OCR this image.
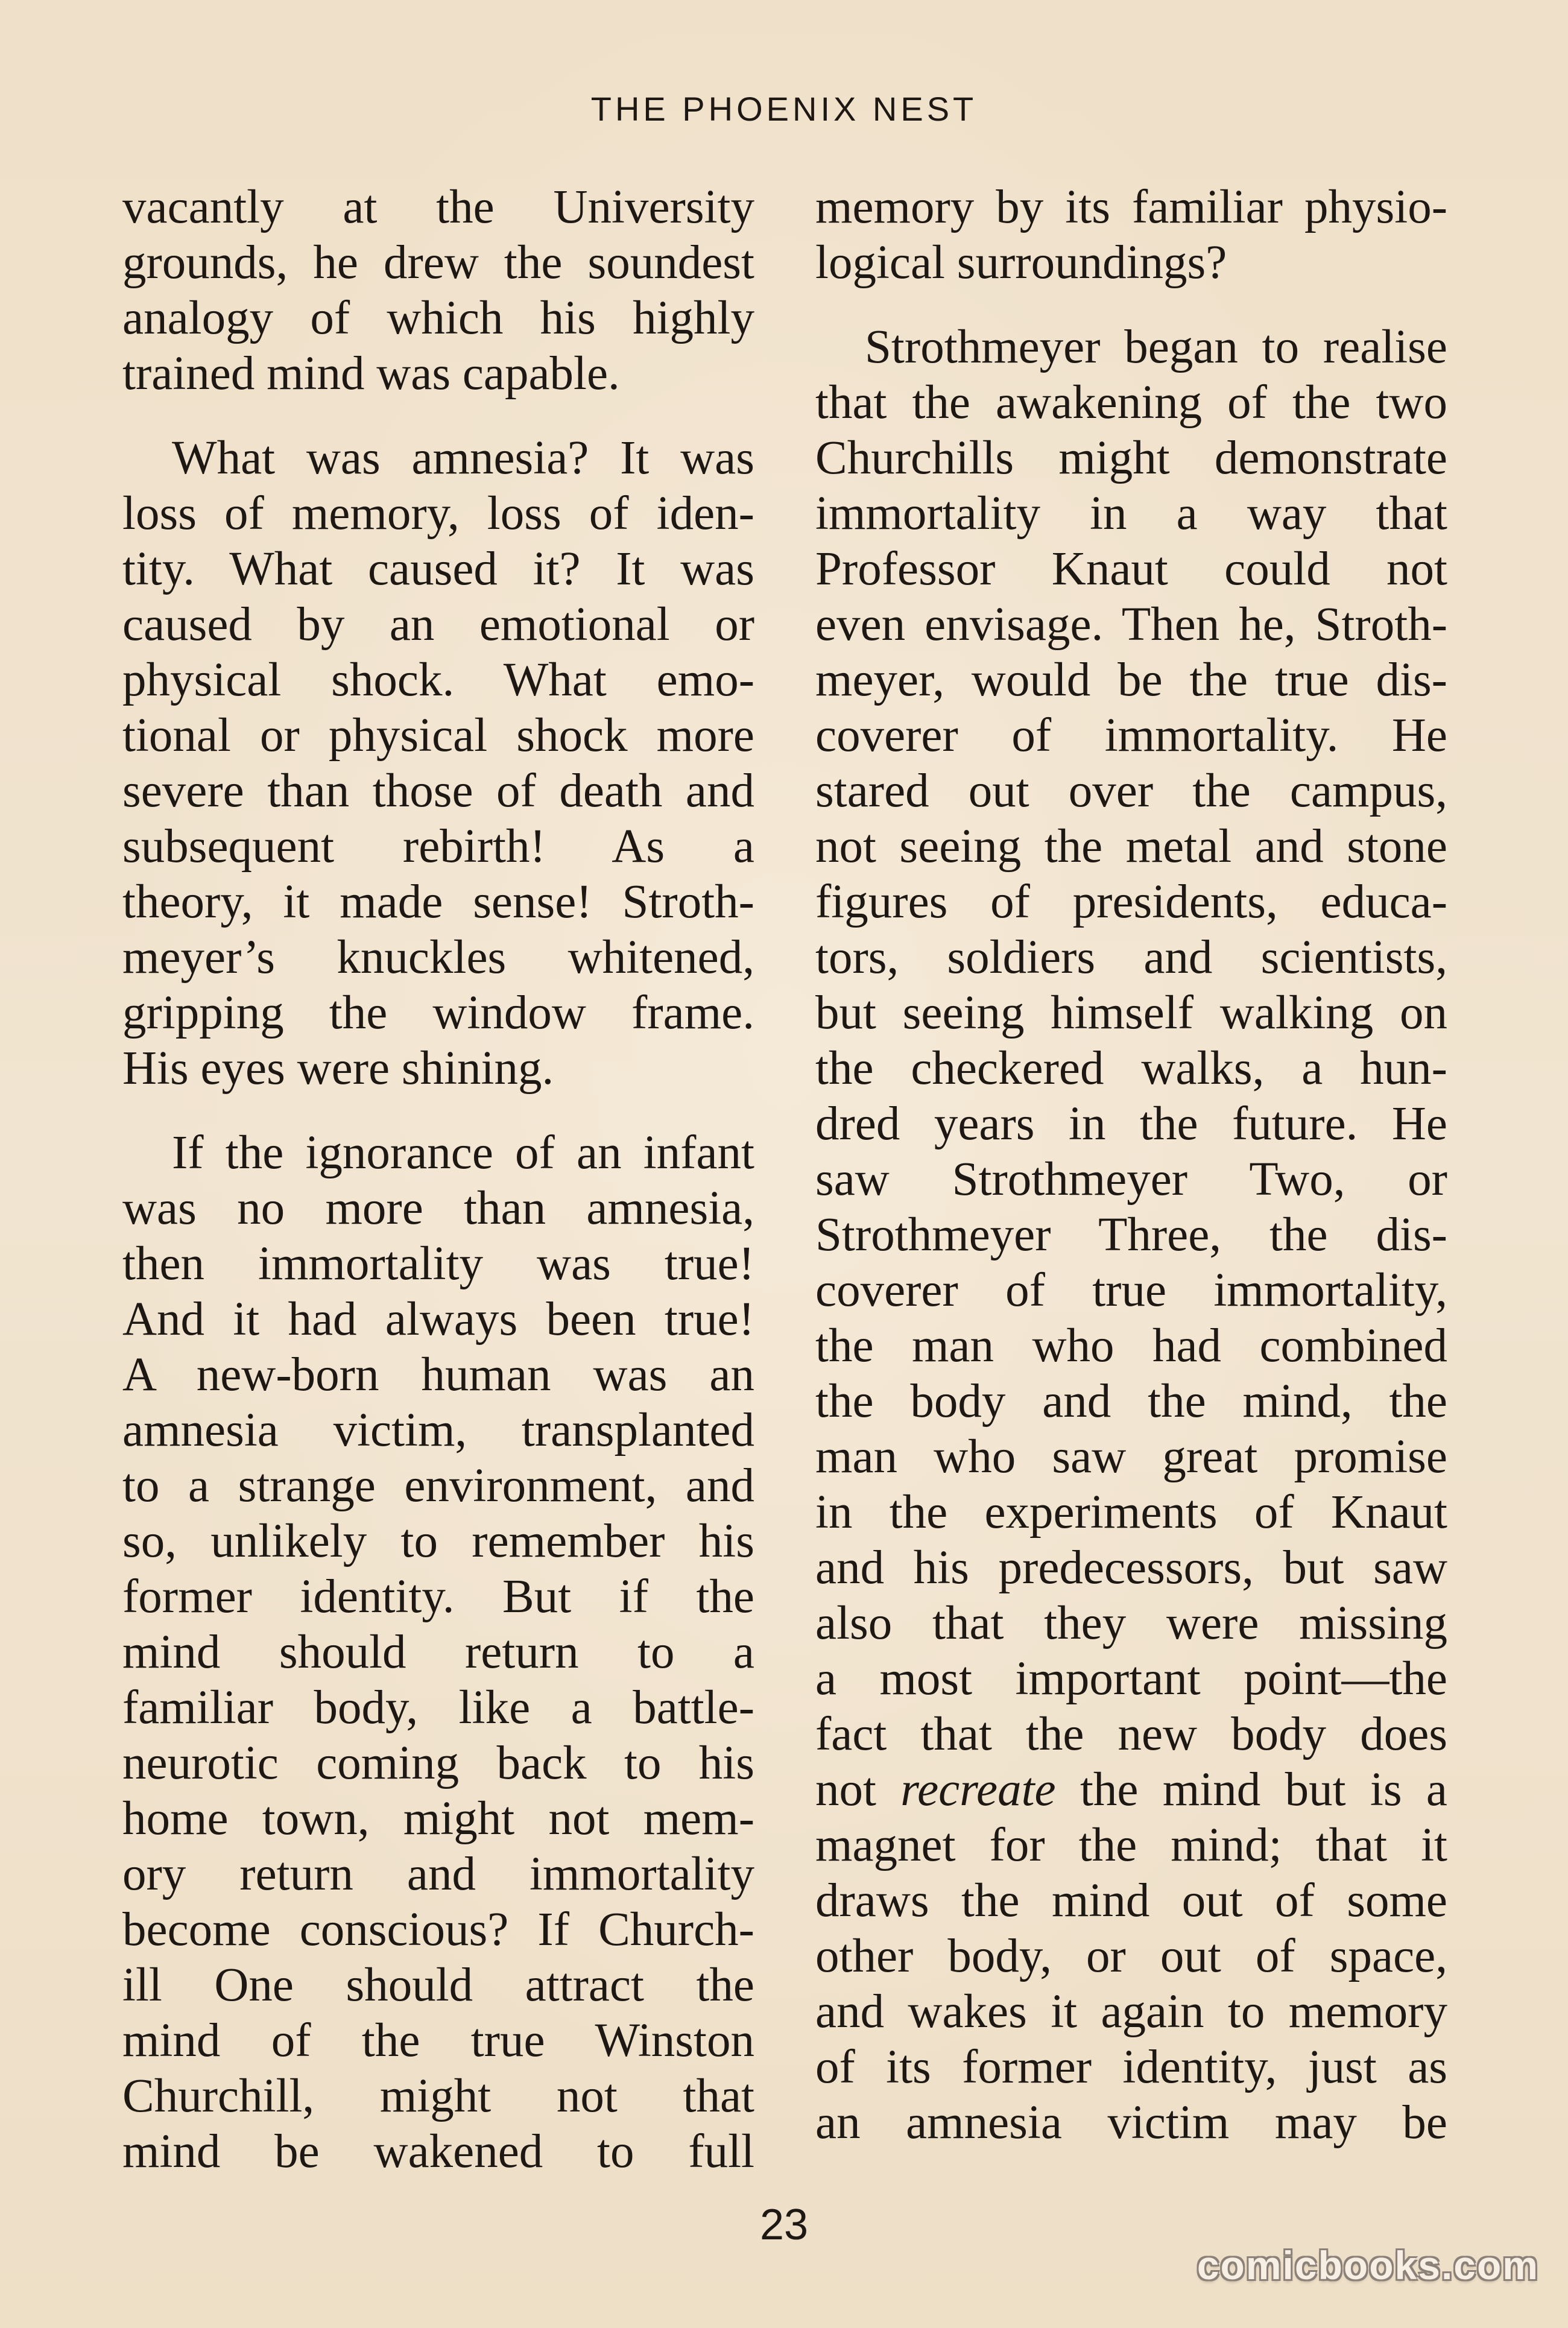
THE PHOENIX NEST
vacantly at the University
grounds, he drew the soundest
analogy of which his highly
trained mind was capable.
What was amnesia? It was
loss of memory, loss of iden-
tity. What caused it? It was
caused by an emotional or
physical shock. What emo-
tional or physical shock more
severe than those of death and
subsequent rebirth! As a
theory, it made sense! Stroth-
meyer’s knuckles whitened,
gripping the window frame.
His eyes were shining.
If the ignorance of an infant
was no more than amnesia,
then immortality was true!
And it had always been true!
A new-born human was an
amnesia victim, transplanted
to a strange environment, and
so, unlikely to remember his
former identity. But if the
mind should return to a
familiar body, like a battle-
neurotic coming back to his
home town, might not mem-
ory return and immortality
become conscious? If Church-
ill One should attract the
mind of the true Winston
Churchill, might not that
mind be wakened to full
memory by its familiar physio-
logical surroundings?
Strothmeyer began to realise
that the awakening of the two
Churchills might demonstrate
immortality in a way that
Professor Knaut could not
even envisage. Then he, Stroth-
meyer, would be the true dis-
coverer of immortality. He
stared out over the campus,
not seeing the metal and stone
figures of presidents, educa-
tors, soldiers and scientists,
but seeing himself walking on
the checkered walks, a hun-
dred years in the future. He
saw Strothmeyer Two, or
Strothmeyer Three, the dis-
coverer of true immortality,
the man who had combined
the body and the mind, the
man who saw great promise
in the experiments of Knaut
and his predecessors, but saw
also that they were missing
a most important point—the
fact that the new body does
not recreate the mind but is a
magnet for the mind; that it
draws the mind out of some
other body, or out of space,
and wakes it again to memory
of its former identity, just as
an amnesia victim may be
23
comicbooks.com
